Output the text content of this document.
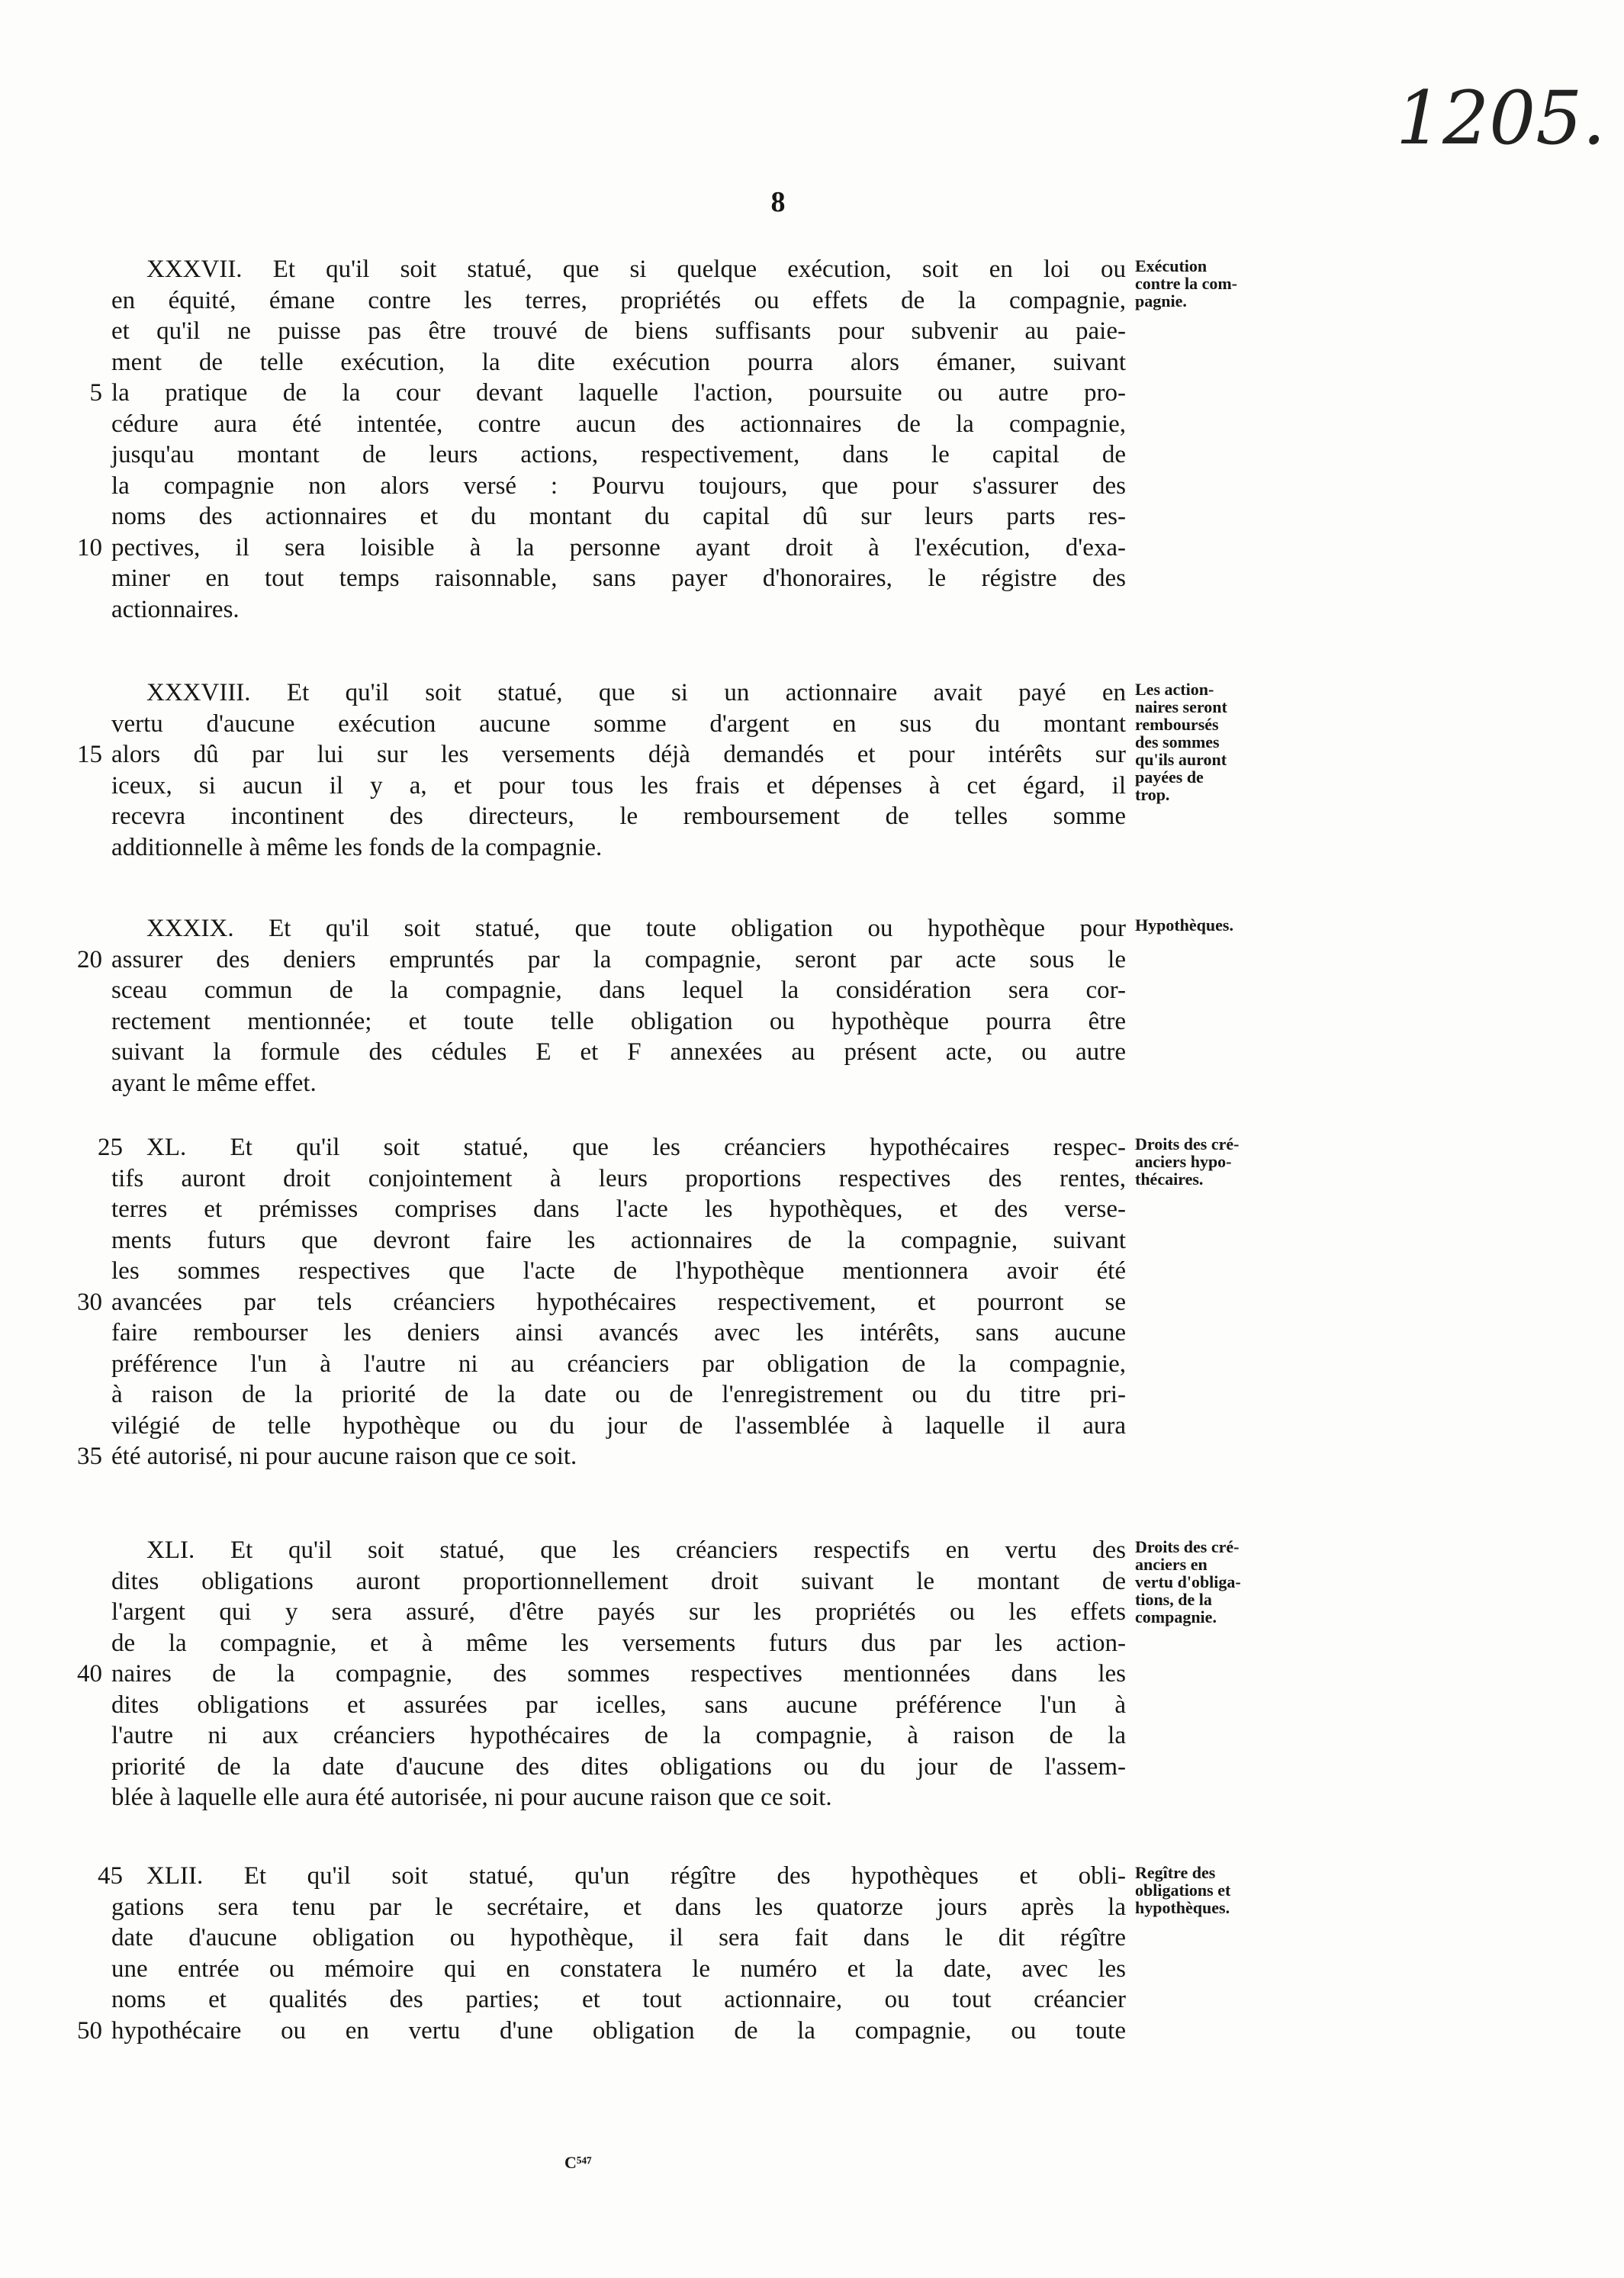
1205.
8
XXXVII. Et qu'il soit statué, que si quelque exécution, soit en loi ou
en équité, émane contre les terres, propriétés ou effets de la compagnie,
et qu'il ne puisse pas être trouvé de biens suffisants pour subvenir au paie-
ment de telle exécution, la dite exécution pourra alors émaner, suivant
la pratique de la cour devant laquelle l'action, poursuite ou autre pro-
5
cédure aura été intentée, contre aucun des actionnaires de la compagnie,
jusqu'au montant de leurs actions, respectivement, dans le capital de
la compagnie non alors versé : Pourvu toujours, que pour s'assurer des
noms des actionnaires et du montant du capital dû sur leurs parts res-
pectives, il sera loisible à la personne ayant droit à l'exécution, d'exa-
10
miner en tout temps raisonnable, sans payer d'honoraires, le régistre des
actionnaires.
Exécution
contre la com-
pagnie.
XXXVIII. Et qu'il soit statué, que si un actionnaire avait payé en
vertu d'aucune exécution aucune somme d'argent en sus du montant
alors dû par lui sur les versements déjà demandés et pour intérêts sur
15
iceux, si aucun il y a, et pour tous les frais et dépenses à cet égard, il
recevra incontinent des directeurs, le remboursement de telles somme
additionnelle à même les fonds de la compagnie.
Les action-
naires seront
remboursés
des sommes
qu'ils auront
payées de
trop.
XXXIX. Et qu'il soit statué, que toute obligation ou hypothèque pour
assurer des deniers empruntés par la compagnie, seront par acte sous le
20
sceau commun de la compagnie, dans lequel la considération sera cor-
rectement mentionnée; et toute telle obligation ou hypothèque pourra être
suivant la formule des cédules E et F annexées au présent acte, ou autre
ayant le même effet.
Hypothèques.
XL. Et qu'il soit statué, que les créanciers hypothécaires respec-
25
tifs auront droit conjointement à leurs proportions respectives des rentes,
terres et prémisses comprises dans l'acte les hypothèques, et des verse-
ments futurs que devront faire les actionnaires de la compagnie, suivant
les sommes respectives que l'acte de l'hypothèque mentionnera avoir été
avancées par tels créanciers hypothécaires respectivement, et pourront se
30
faire rembourser les deniers ainsi avancés avec les intérêts, sans aucune
préférence l'un à l'autre ni au créanciers par obligation de la compagnie,
à raison de la priorité de la date ou de l'enregistrement ou du titre pri-
vilégié de telle hypothèque ou du jour de l'assemblée à laquelle il aura
été autorisé, ni pour aucune raison que ce soit.
35
Droits des cré-
anciers hypo-
thécaires.
XLI. Et qu'il soit statué, que les créanciers respectifs en vertu des
dites obligations auront proportionnellement droit suivant le montant de
l'argent qui y sera assuré, d'être payés sur les propriétés ou les effets
de la compagnie, et à même les versements futurs dus par les action-
naires de la compagnie, des sommes respectives mentionnées dans les
40
dites obligations et assurées par icelles, sans aucune préférence l'un à
l'autre ni aux créanciers hypothécaires de la compagnie, à raison de la
priorité de la date d'aucune des dites obligations ou du jour de l'assem-
blée à laquelle elle aura été autorisée, ni pour aucune raison que ce soit.
Droits des cré-
anciers en
vertu d'obliga-
tions, de la
compagnie.
XLII. Et qu'il soit statué, qu'un régître des hypothèques et obli-
45
gations sera tenu par le secrétaire, et dans les quatorze jours après la
date d'aucune obligation ou hypothèque, il sera fait dans le dit régître
une entrée ou mémoire qui en constatera le numéro et la date, avec les
noms et qualités des parties; et tout actionnaire, ou tout créancier
hypothécaire ou en vertu d'une obligation de la compagnie, ou toute
50
Regître des
obligations et
hypothèques.
C⁵⁴⁷
